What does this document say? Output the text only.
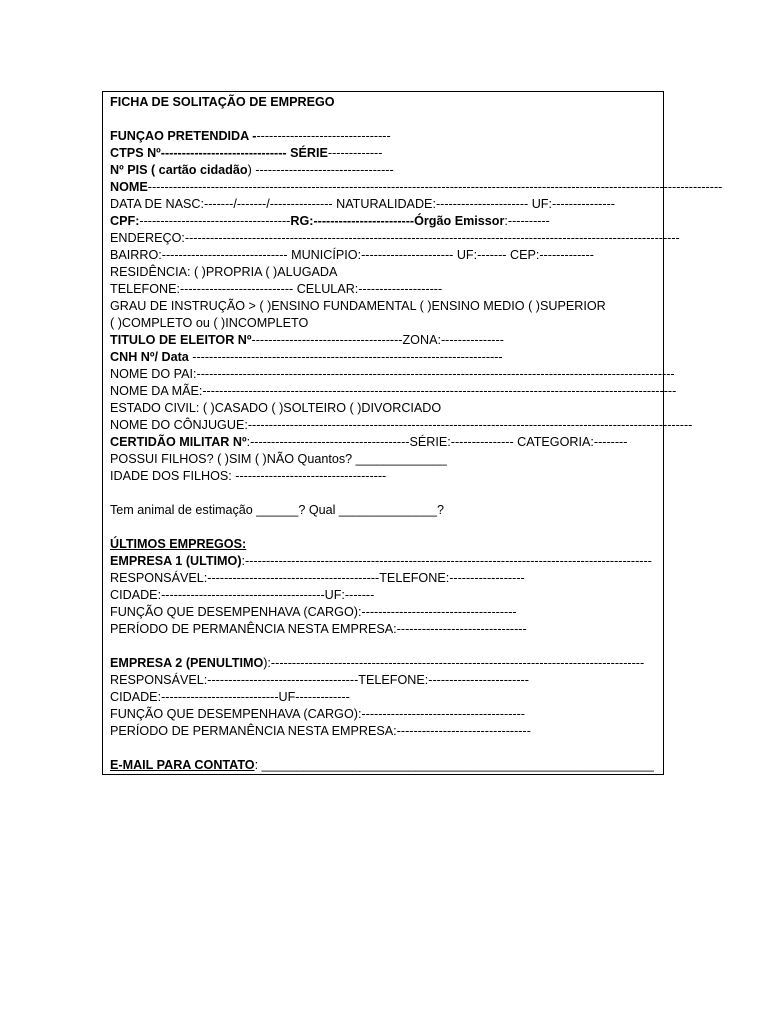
FICHA DE SOLITAÇÃO DE EMPREGO
FUNÇAO PRETENDIDA ---------------------------------
CTPS Nº------------------------------ SÉRIE-------------
Nº PIS ( cartão cidadão) ---------------------------------
NOME-----------------------------------------------------------------------------------------------------------------------------------------
DATA DE NASC:-------/-------/--------------- NATURALIDADE:---------------------- UF:---------------
CPF:------------------------------------RG:------------------------Órgão Emissor:----------
ENDEREÇO:----------------------------------------------------------------------------------------------------------------------
BAIRRO:------------------------------ MUNICÍPIO:---------------------- UF:------- CEP:-------------
RESIDÊNCIA: ( )PROPRIA ( )ALUGADA
TELEFONE:--------------------------- CELULAR:--------------------
GRAU DE INSTRUÇÃO > ( )ENSINO FUNDAMENTAL ( )ENSINO MEDIO ( )SUPERIOR
( )COMPLETO ou ( )INCOMPLETO
TITULO DE ELEITOR Nº------------------------------------ZONA:---------------
CNH Nº/ Data --------------------------------------------------------------------------
NOME DO PAI:------------------------------------------------------------------------------------------------------------------
NOME DA MÃE:-----------------------------------------------------------------------------------------------------------------
ESTADO CIVIL: ( )CASADO ( )SOLTEIRO ( )DIVORCIADO
NOME DO CÔNJUGUE:----------------------------------------------------------------------------------------------------------
CERTIDÃO MILITAR Nº:--------------------------------------SÉRIE:--------------- CATEGORIA:--------
POSSUI FILHOS? ( )SIM ( )NÃO Quantos? _____________
IDADE DOS FILHOS: ------------------------------------
Tem animal de estimação ______? Qual ______________?
ÚLTIMOS EMPREGOS:
EMPRESA 1 (ULTIMO):-------------------------------------------------------------------------------------------------
RESPONSÁVEL:-----------------------------------------TELEFONE:------------------
CIDADE:---------------------------------------UF:-------
FUNÇÃO QUE DESEMPENHAVA (CARGO):-------------------------------------
PERÍODO DE PERMANÊNCIA NESTA EMPRESA:-------------------------------
EMPRESA 2 (PENULTIMO):-----------------------------------------------------------------------------------------
RESPONSÁVEL:------------------------------------TELEFONE:------------------------
CIDADE:----------------------------UF-------------
FUNÇÃO QUE DESEMPENHAVA (CARGO):---------------------------------------
PERÍODO DE PERMANÊNCIA NESTA EMPRESA:--------------------------------
E-MAIL PARA CONTATO: ________________________________________________________
